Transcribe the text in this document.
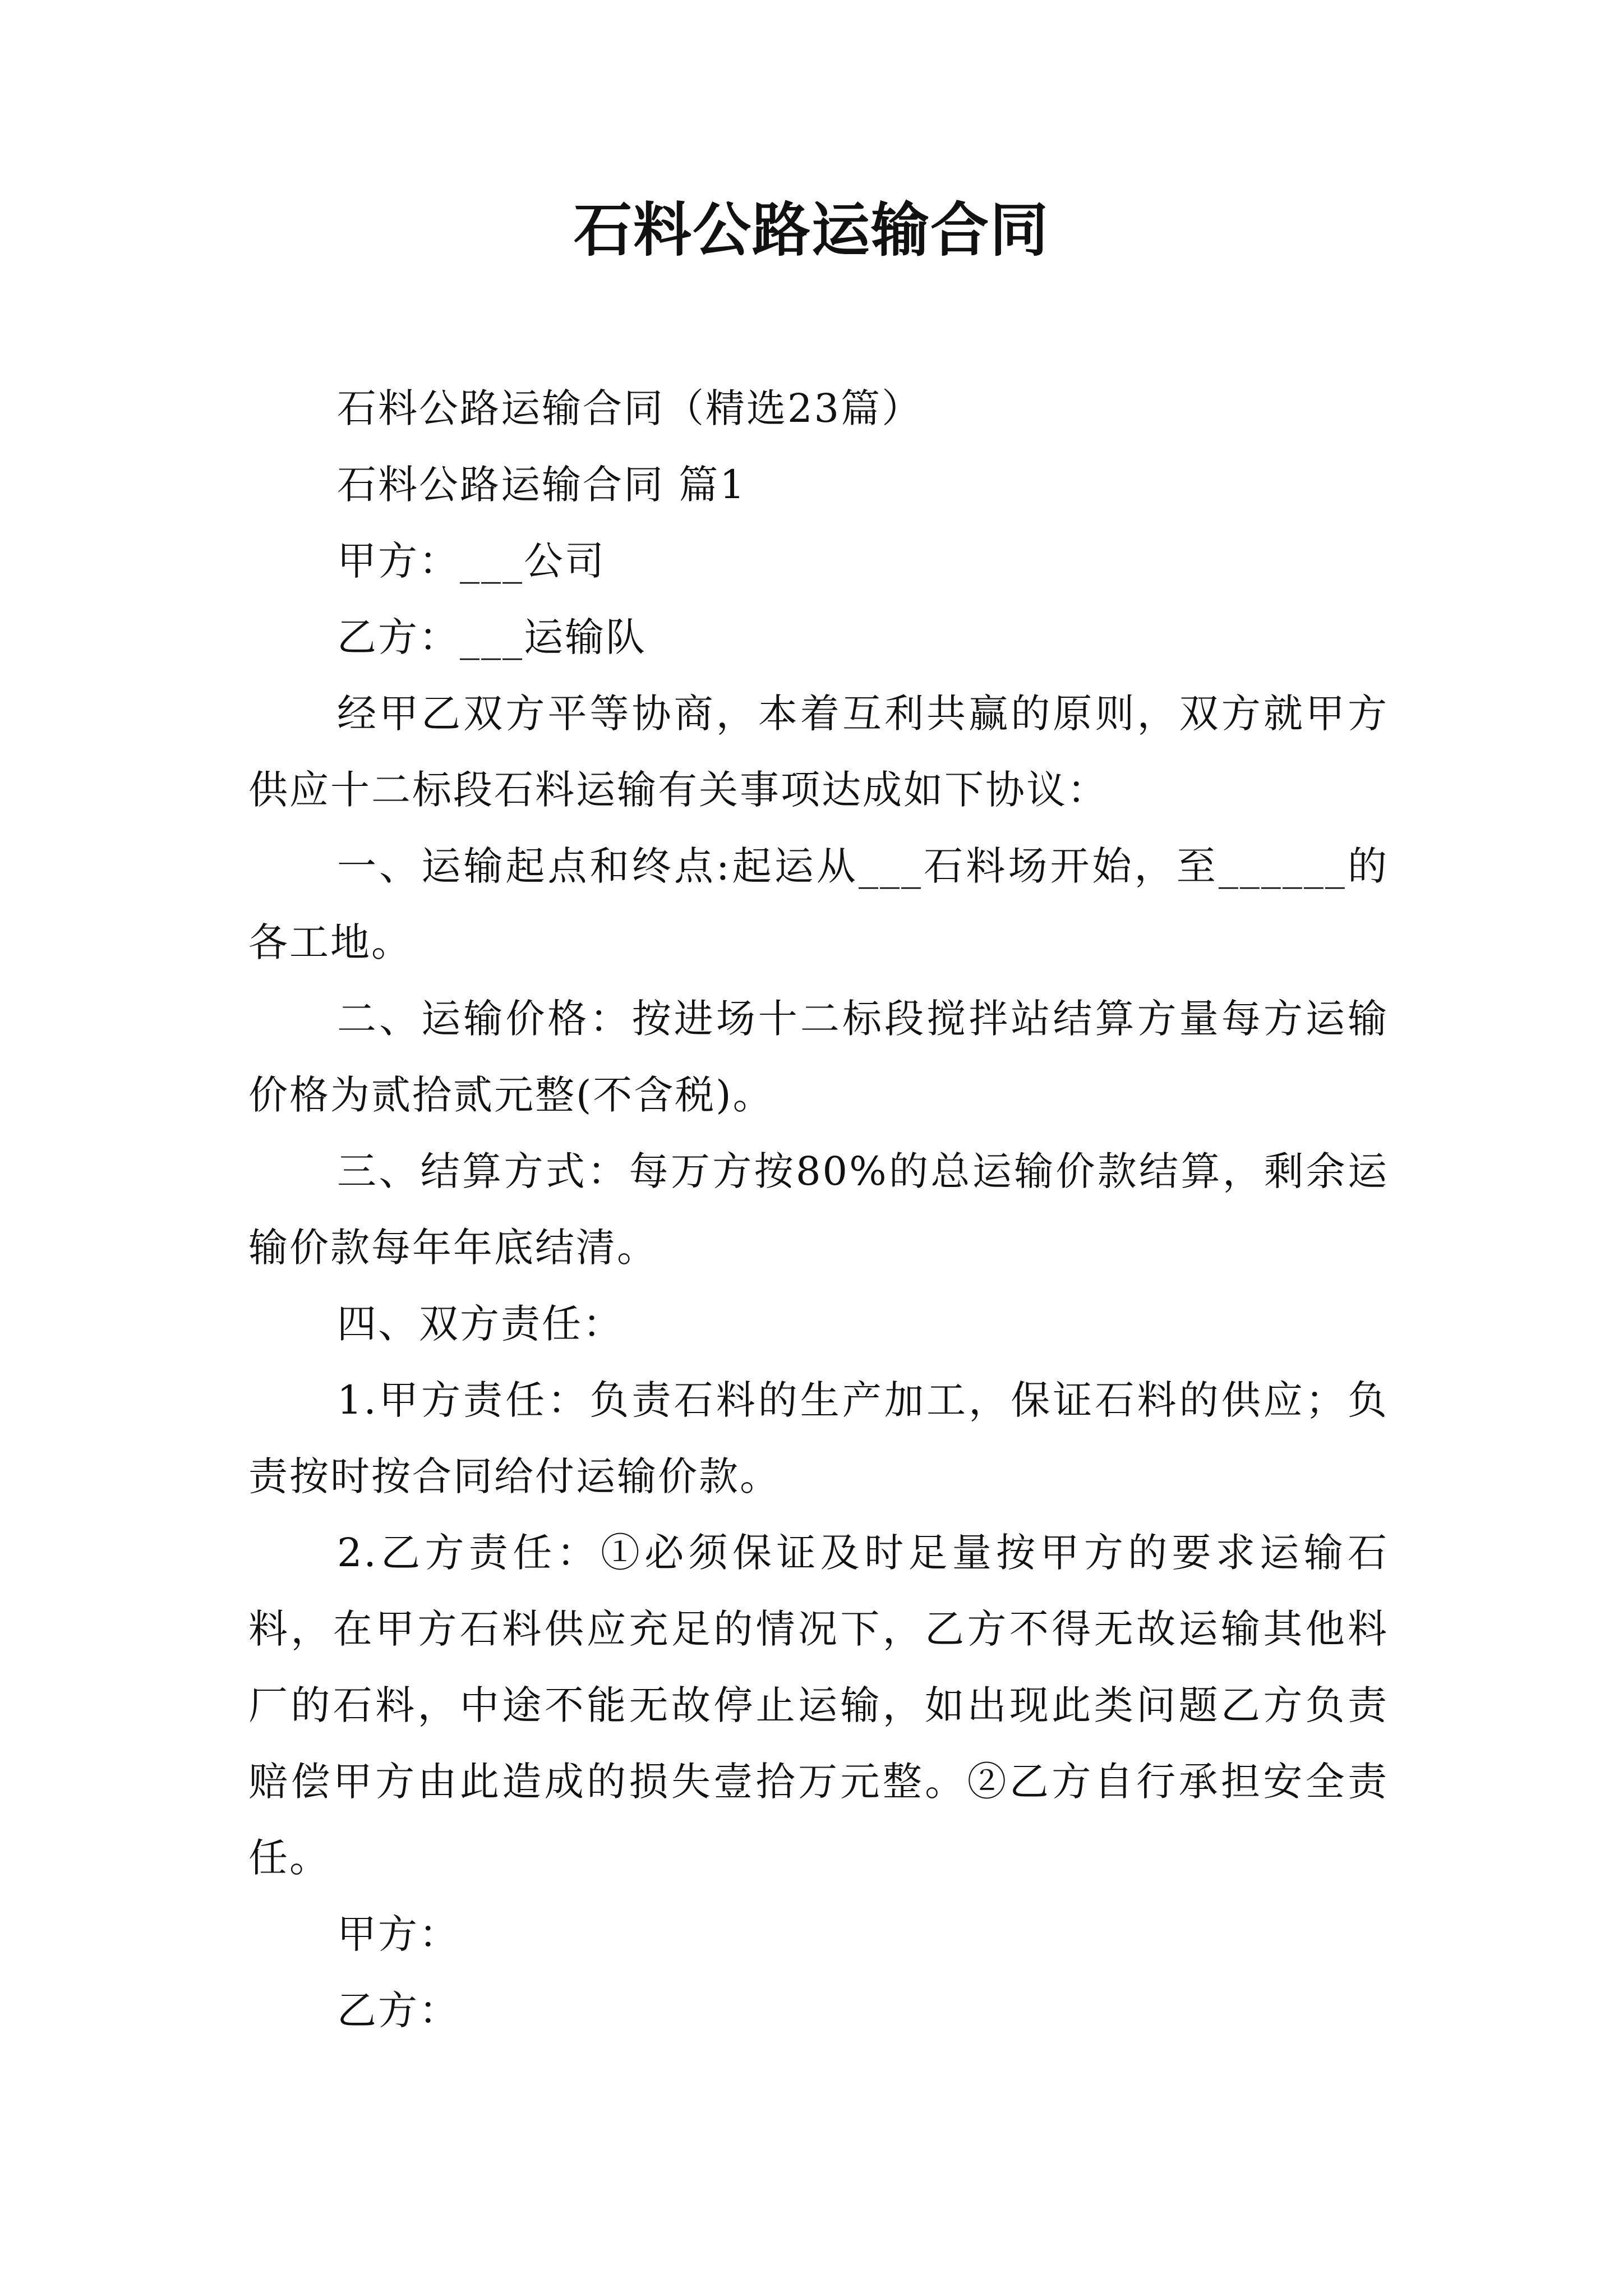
石料公路运输合同

石料公路运输合同（精选23篇）

石料公路运输合同 篇1

甲方：___公司

乙方：___运输队

经甲乙双方平等协商，本着互利共赢的原则，双方就甲方供应十二标段石料运输有关事项达成如下协议：

一、运输起点和终点:起运从___石料场开始，至______的各工地。

二、运输价格：按进场十二标段搅拌站结算方量每方运输价格为贰拾贰元整(不含税)。

三、结算方式：每万方按80%的总运输价款结算，剩余运输价款每年年底结清。

四、双方责任：

1.甲方责任：负责石料的生产加工，保证石料的供应；负责按时按合同给付运输价款。

2.乙方责任：①必须保证及时足量按甲方的要求运输石料，在甲方石料供应充足的情况下，乙方不得无故运输其他料厂的石料，中途不能无故停止运输，如出现此类问题乙方负责赔偿甲方由此造成的损失壹拾万元整。②乙方自行承担安全责任。

甲方：

乙方：
